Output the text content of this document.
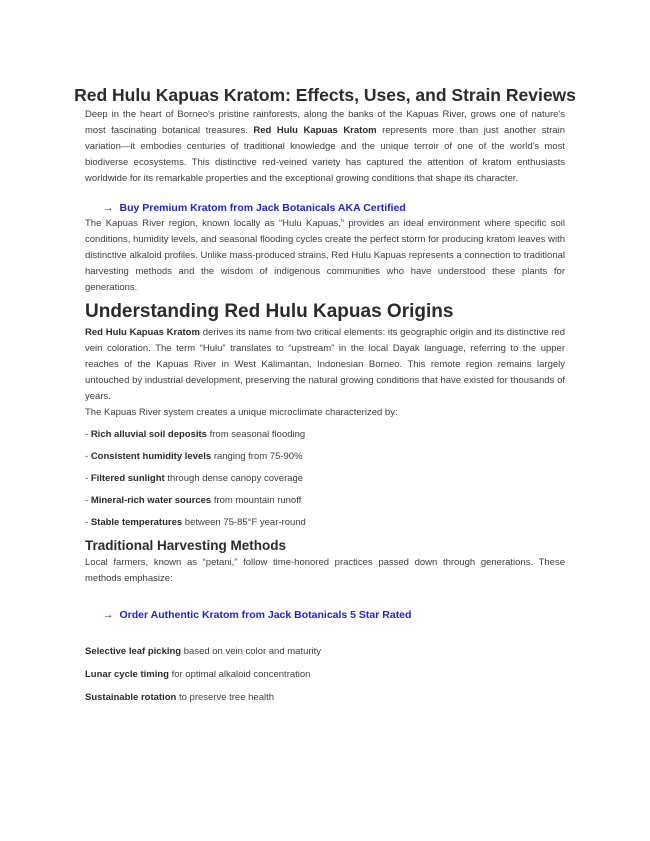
Red Hulu Kapuas Kratom: Effects, Uses, and Strain Reviews

Deep in the heart of Borneo's pristine rainforests, along the banks of the Kapuas River, grows one of nature's most fascinating botanical treasures. Red Hulu Kapuas Kratom represents more than just another strain variation—it embodies centuries of traditional knowledge and the unique terroir of one of the world's most biodiverse ecosystems. This distinctive red-veined variety has captured the attention of kratom enthusiasts worldwide for its remarkable properties and the exceptional growing conditions that shape its character.

→ Buy Premium Kratom from Jack Botanicals AKA Certified

The Kapuas River region, known locally as “Hulu Kapuas,” provides an ideal environment where specific soil conditions, humidity levels, and seasonal flooding cycles create the perfect storm for producing kratom leaves with distinctive alkaloid profiles. Unlike mass-produced strains, Red Hulu Kapuas represents a connection to traditional harvesting methods and the wisdom of indigenous communities who have understood these plants for generations.

Understanding Red Hulu Kapuas Origins

Red Hulu Kapuas Kratom derives its name from two critical elements: its geographic origin and its distinctive red vein coloration. The term “Hulu” translates to “upstream” in the local Dayak language, referring to the upper reaches of the Kapuas River in West Kalimantan, Indonesian Borneo. This remote region remains largely untouched by industrial development, preserving the natural growing conditions that have existed for thousands of years.

The Kapuas River system creates a unique microclimate characterized by:

- Rich alluvial soil deposits from seasonal flooding
- Consistent humidity levels ranging from 75-90%
- Filtered sunlight through dense canopy coverage
- Mineral-rich water sources from mountain runoff
- Stable temperatures between 75-85°F year-round
Traditional Harvesting Methods

Local farmers, known as “petani,” follow time-honored practices passed down through generations. These methods emphasize:

→ Order Authentic Kratom from Jack Botanicals 5 Star Rated
Selective leaf picking based on vein color and maturity
Lunar cycle timing for optimal alkaloid concentration
Sustainable rotation to preserve tree health
